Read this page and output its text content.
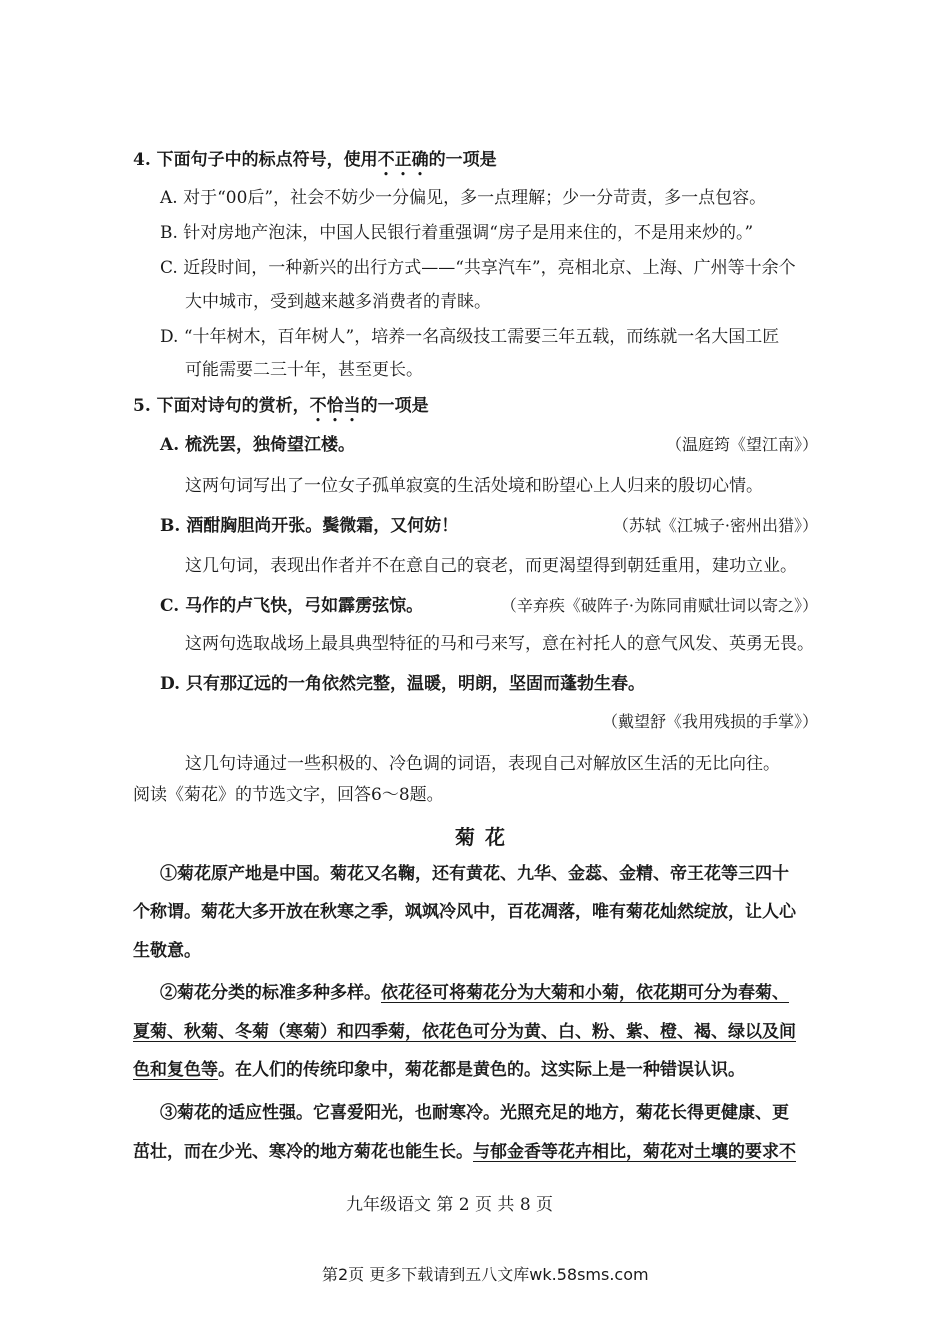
4. 下面句子中的标点符号，使用不正确的一项是
A. 对于“00后”，社会不妨少一分偏见，多一点理解；少一分苛责，多一点包容。
B. 针对房地产泡沫，中国人民银行着重强调“房子是用来住的，不是用来炒的。”
C. 近段时间，一种新兴的出行方式——“共享汽车”，亮相北京、上海、广州等十余个
大中城市，受到越来越多消费者的青睐。
D. “十年树木，百年树人”，培养一名高级技工需要三年五载，而练就一名大国工匠
可能需要二三十年，甚至更长。
5. 下面对诗句的赏析，不恰当的一项是
A. 梳洗罢，独倚望江楼。	（温庭筠《望江南》）
这两句词写出了一位女子孤单寂寞的生活处境和盼望心上人归来的殷切心情。
B. 酒酣胸胆尚开张。鬓微霜，又何妨！	（苏轼《江城子·密州出猎》）
这几句词，表现出作者并不在意自己的衰老，而更渴望得到朝廷重用，建功立业。
C. 马作的卢飞快，弓如霹雳弦惊。	（辛弃疾《破阵子·为陈同甫赋壮词以寄之》）
这两句选取战场上最具典型特征的马和弓来写，意在衬托人的意气风发、英勇无畏。
D. 只有那辽远的一角依然完整，温暖，明朗，坚固而蓬勃生春。
（戴望舒《我用残损的手掌》）
这几句诗通过一些积极的、冷色调的词语，表现自己对解放区生活的无比向往。
阅读《菊花》的节选文字，回答6～8题。
菊花
①菊花原产地是中国。菊花又名鞠，还有黄花、九华、金蕊、金精、帝王花等三四十
个称谓。菊花大多开放在秋寒之季，飒飒冷风中，百花凋落，唯有菊花灿然绽放，让人心
生敬意。
②菊花分类的标准多种多样。依花径可将菊花分为大菊和小菊，依花期可分为春菊、
夏菊、秋菊、冬菊（寒菊）和四季菊，依花色可分为黄、白、粉、紫、橙、褐、绿以及间
色和复色等。在人们的传统印象中，菊花都是黄色的。这实际上是一种错误认识。
③菊花的适应性强。它喜爱阳光，也耐寒冷。光照充足的地方，菊花长得更健康、更
茁壮，而在少光、寒冷的地方菊花也能生长。与郁金香等花卉相比，菊花对土壤的要求不
九年级语文 第 2 页 共 8 页
第2页 更多下载请到五八文库wk.58sms.com
